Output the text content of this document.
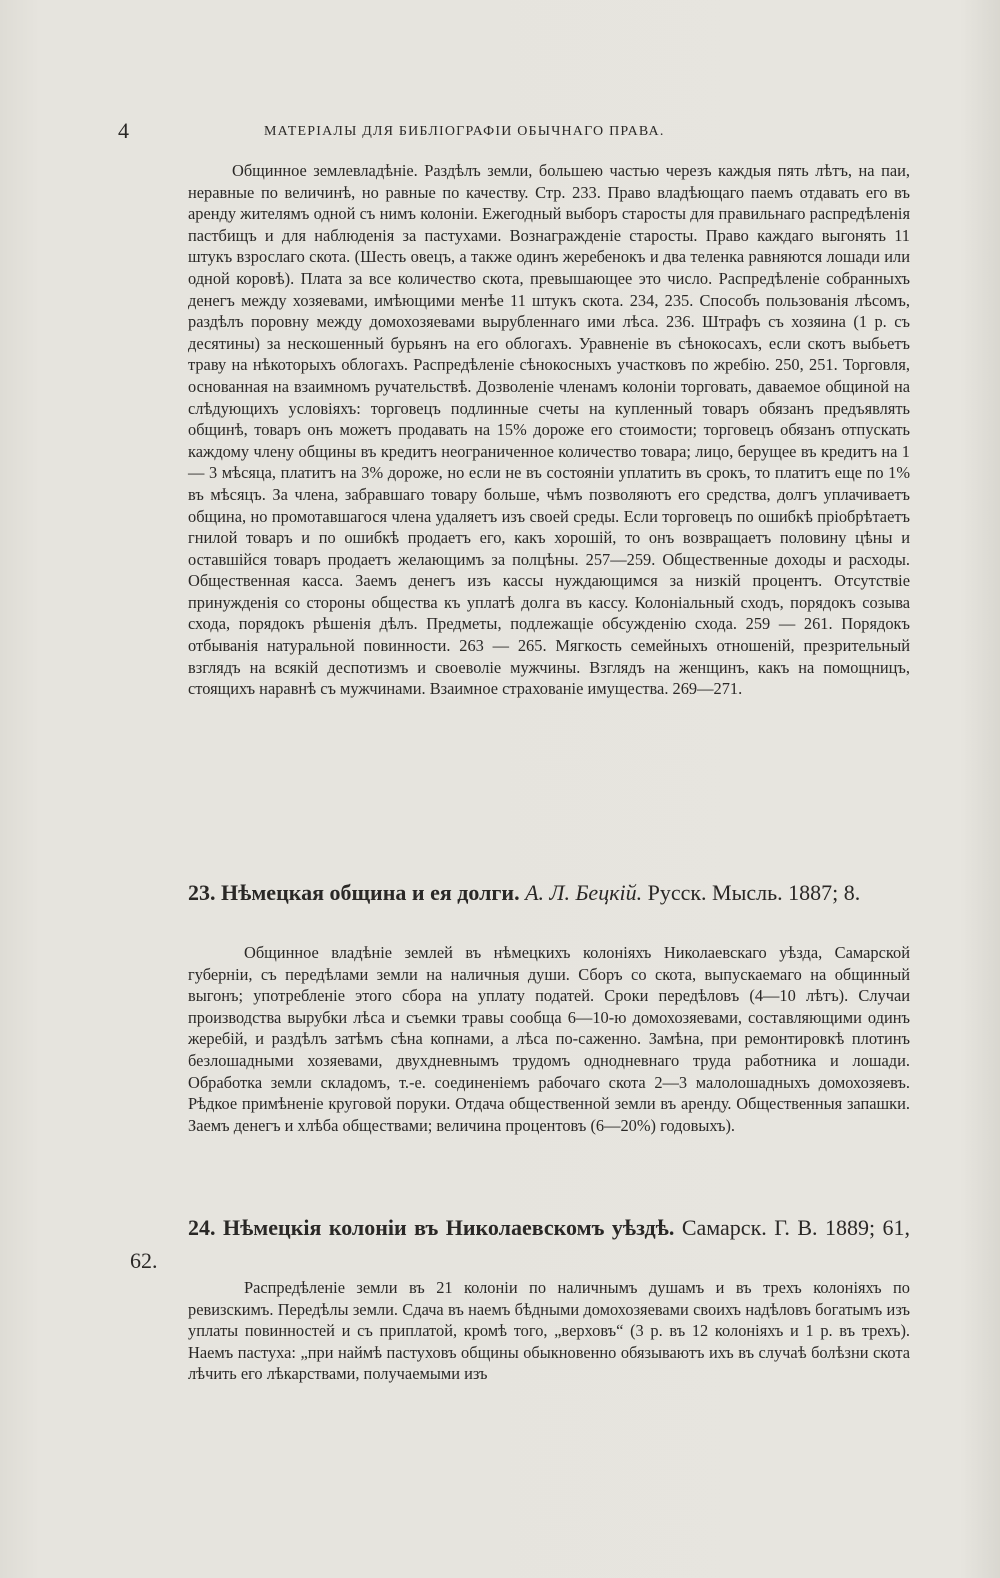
4	МАТЕРІАЛЫ ДЛЯ БИБЛІОГРАФІИ ОБЫЧНАГО ПРАВА.

Общинное землевладѣніе. Раздѣлъ земли, большею частью черезъ каждыя пять лѣтъ, на паи, неравные по величинѣ, но равные по качеству. Стр. 233. Право владѣющаго паемъ отдавать его въ аренду жителямъ одной съ нимъ колоніи. Ежегодный выборъ старосты для правильнаго распредѣленія пастбищъ и для наблюденія за пастухами. Вознагражденіе старосты. Право каждаго выгонять 11 штукъ взрослаго скота. (Шесть овецъ, а также одинъ жеребенокъ и два теленка равняются лошади или одной коровѣ). Плата за все количество скота, превышающее это число. Распредѣленіе собранныхъ денегъ между хозяевами, имѣющими менѣе 11 штукъ скота. 234, 235. Способъ пользованія лѣсомъ, раздѣлъ поровну между домохозяевами вырубленнаго ими лѣса. 236. Штрафъ съ хозяина (1 р. съ десятины) за нескошенный бурьянъ на его облогахъ. Уравненіе въ сѣнокосахъ, если скотъ выбьетъ траву на нѣкоторыхъ облогахъ. Распредѣленіе сѣнокосныхъ участковъ по жребію. 250, 251. Торговля, основанная на взаимномъ ручательствѣ. Дозволеніе членамъ колоніи торговать, даваемое общиной на слѣдующихъ условіяхъ: торговецъ подлинные счеты на купленный товаръ обязанъ предъявлять общинѣ, товаръ онъ можетъ продавать на 15% дороже его стоимости; торговецъ обязанъ отпускать каждому члену общины въ кредитъ неограниченное количество товара; лицо, берущее въ кредитъ на 1 — 3 мѣсяца, платитъ на 3% дороже, но если не въ состояніи уплатить въ срокъ, то платитъ еще по 1% въ мѣсяцъ. За члена, забравшаго товару больше, чѣмъ позволяютъ его средства, долгъ уплачиваетъ община, но промотавшагося члена удаляетъ изъ своей среды. Если торговецъ по ошибкѣ пріобрѣтаетъ гнилой товаръ и по ошибкѣ продаетъ его, какъ хорошій, то онъ возвращаетъ половину цѣны и оставшійся товаръ продаетъ желающимъ за полцѣны. 257—259. Общественные доходы и расходы. Общественная касса. Заемъ денегъ изъ кассы нуждающимся за низкій процентъ. Отсутствіе принужденія со стороны общества къ уплатѣ долга въ кассу. Колоніальный сходъ, порядокъ созыва схода, порядокъ рѣшенія дѣлъ. Предметы, подлежащіе обсужденію схода. 259 — 261. Порядокъ отбыванія натуральной повинности. 263 — 265. Мягкость семейныхъ отношеній, презрительный взглядъ на всякій деспотизмъ и своеволіе мужчины. Взглядъ на женщинъ, какъ на помощницъ, стоящихъ наравнѣ съ мужчинами. Взаимное страхованіе имущества. 269—271.

23. Нѣмецкая община и ея долги. А. Л. Бецкій. Русск. Мысль. 1887; 8.

Общинное владѣніе землей въ нѣмецкихъ колоніяхъ Николаевскаго уѣзда, Самарской губерніи, съ передѣлами земли на наличныя души. Сборъ со скота, выпускаемаго на общинный выгонъ; употребленіе этого сбора на уплату податей. Сроки передѣловъ (4—10 лѣтъ). Случаи производства вырубки лѣса и съемки травы сообща 6—10-ю домохозяевами, составляющими одинъ жеребій, и раздѣлъ затѣмъ сѣна копнами, а лѣса по-саженно. Замѣна, при ремонтировкѣ плотинъ безлошадными хозяевами, двухдневнымъ трудомъ однодневнаго труда работника и лошади. Обработка земли складомъ, т.-е. соединеніемъ рабочаго скота 2—3 малолошадныхъ домохозяевъ. Рѣдкое примѣненіе круговой поруки. Отдача общественной земли въ аренду. Общественныя запашки. Заемъ денегъ и хлѣба обществами; величина процентовъ (6—20%) годовыхъ).

24. Нѣмецкія колоніи въ Николаевскомъ уѣздѣ. Самарск. Г. В. 1889; 61, 62.

Распредѣленіе земли въ 21 колоніи по наличнымъ душамъ и въ трехъ колоніяхъ по ревизскимъ. Передѣлы земли. Сдача въ наемъ бѣдными домохозяевами своихъ надѣловъ богатымъ изъ уплаты повинностей и съ приплатой, кромѣ того, „верховъ“ (3 р. въ 12 колоніяхъ и 1 р. въ трехъ). Наемъ пастуха: „при наймѣ пастуховъ общины обыкновенно обязываютъ ихъ въ случаѣ болѣзни скота лѣчить его лѣкарствами, получаемыми изъ
